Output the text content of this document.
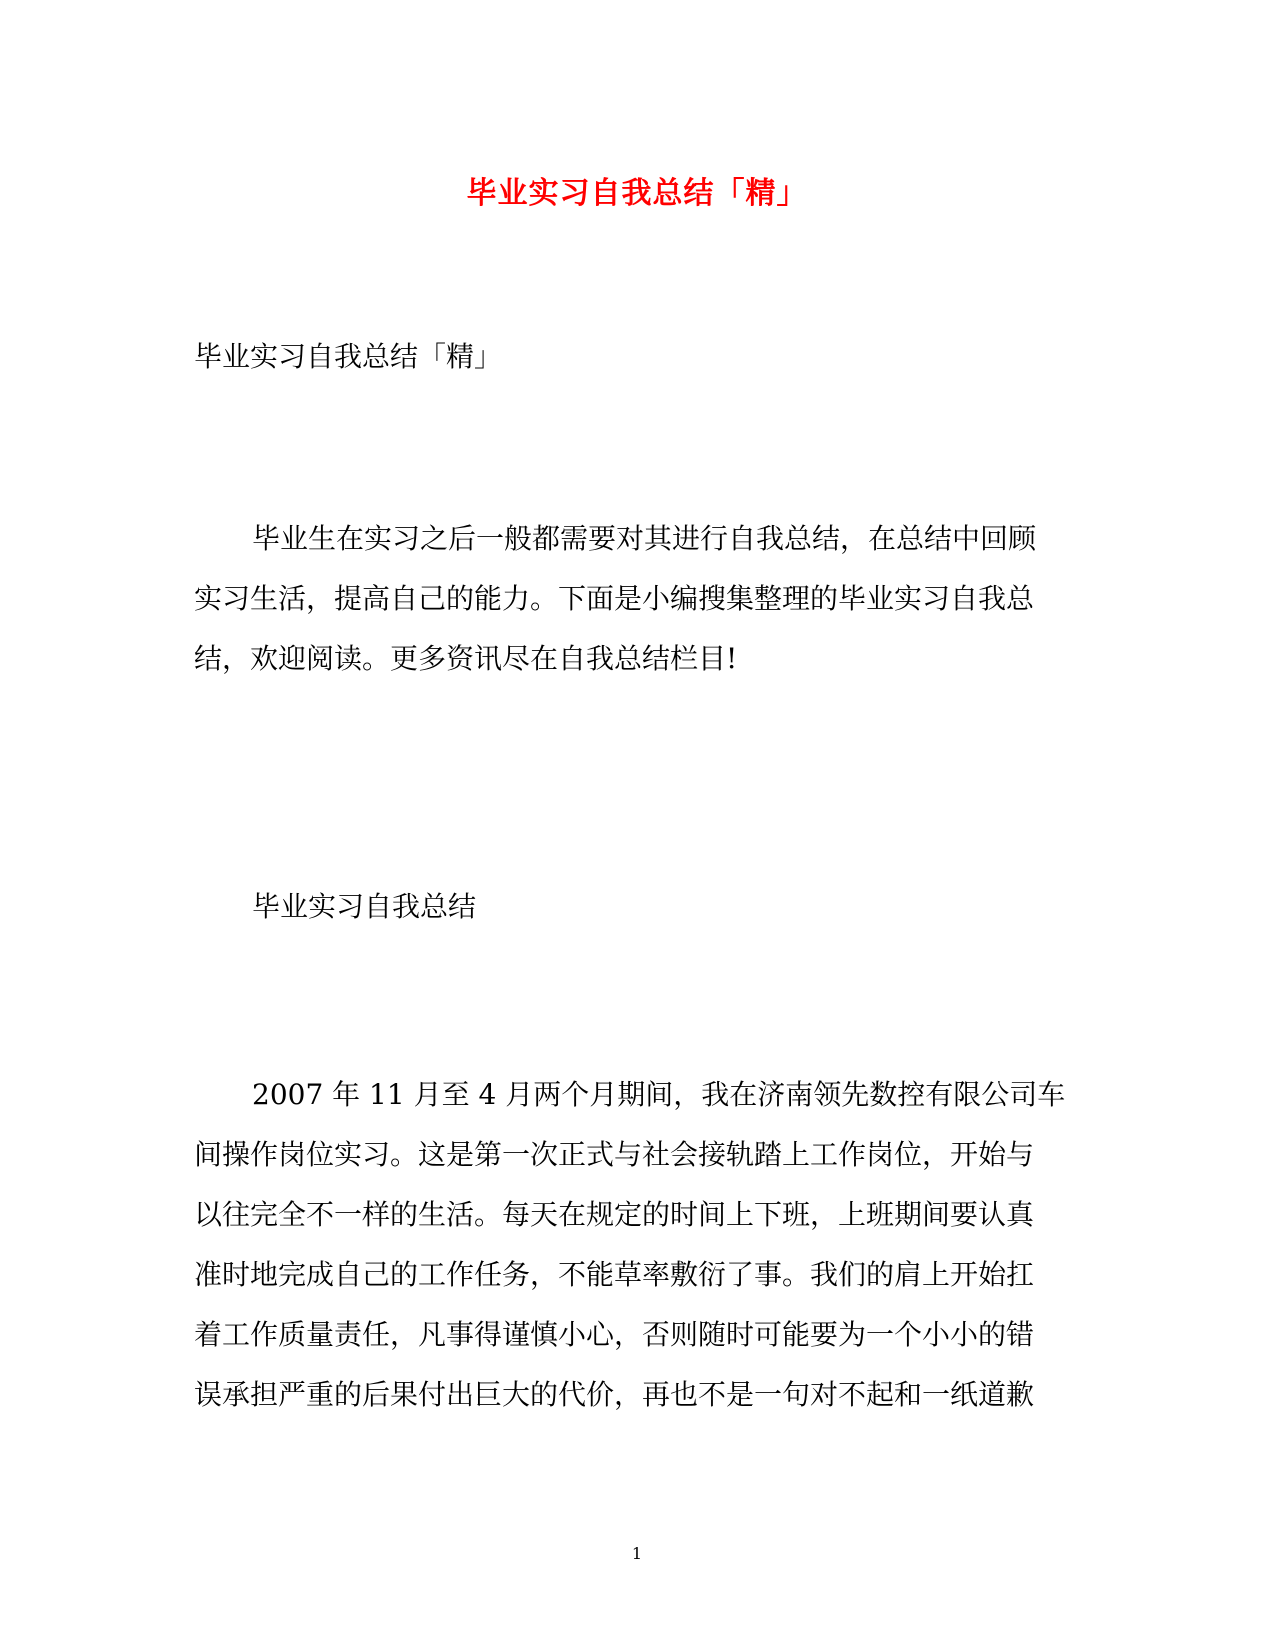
毕业实习自我总结「精」
毕业实习自我总结「精」
毕业生在实习之后一般都需要对其进行自我总结，在总结中回顾
实习生活，提高自己的能力。下面是小编搜集整理的毕业实习自我总
结，欢迎阅读。更多资讯尽在自我总结栏目!
毕业实习自我总结
2007 年 11 月至 4 月两个月期间，我在济南领先数控有限公司车
间操作岗位实习。这是第一次正式与社会接轨踏上工作岗位，开始与
以往完全不一样的生活。每天在规定的时间上下班，上班期间要认真
准时地完成自己的工作任务，不能草率敷衍了事。我们的肩上开始扛
着工作质量责任，凡事得谨慎小心，否则随时可能要为一个小小的错
误承担严重的后果付出巨大的代价，再也不是一句对不起和一纸道歉
1
